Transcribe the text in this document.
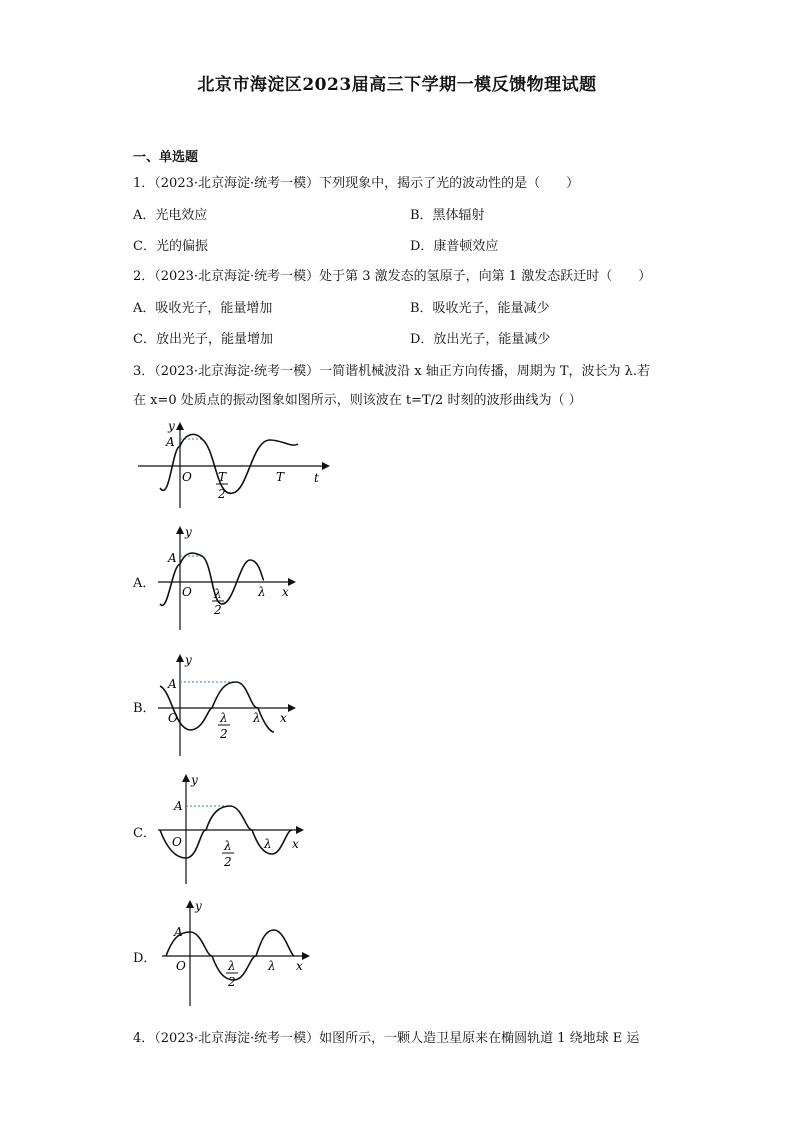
北京市海淀区2023届高三下学期一模反馈物理试题
一、单选题
1．（2023·北京海淀·统考一模）下列现象中，揭示了光的波动性的是（　　）
A．光电效应	B．黑体辐射
C．光的偏振	D．康普顿效应
2．（2023·北京海淀·统考一模）处于第 3 激发态的氢原子，向第 1 激发态跃迁时（　　）
A．吸收光子，能量增加	B．吸收光子，能量减少
C．放出光子，能量增加	D．放出光子，能量减少
3．（2023·北京海淀·统考一模）一简谐机械波沿 x 轴正方向传播，周期为 T，波长为 λ.若
在 x=0 处质点的振动图象如图所示，则该波在 t=T/2 时刻的波形曲线为（ ）
y
A
O T
2
T t
A．
y
A
O λ
2
λ x
B．
y
A
O	λ
2
λ x
C．
y
A
O	λ
2
λ x
D．
y
A
O	λ
2
λ x
4．（2023·北京海淀·统考一模）如图所示，一颗人造卫星原来在椭圆轨道 1 绕地球 E 运
